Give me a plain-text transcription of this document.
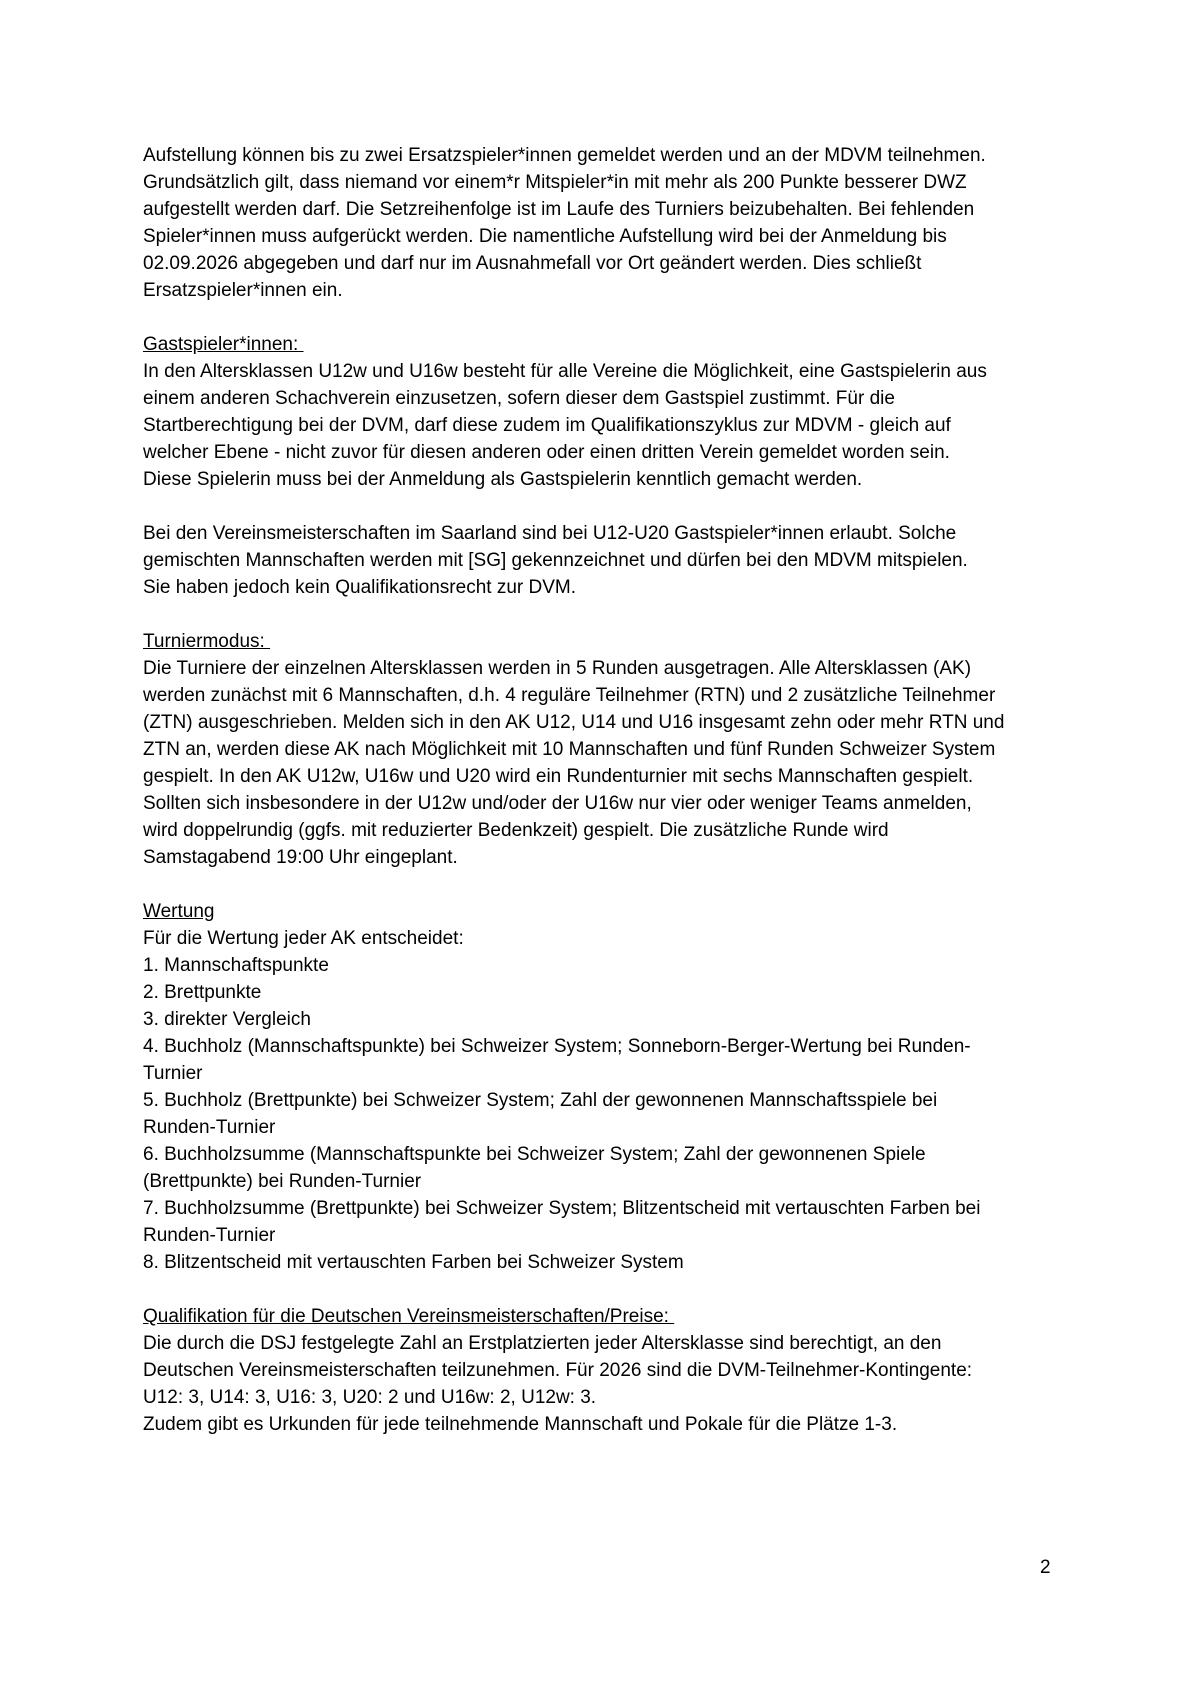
Aufstellung können bis zu zwei Ersatzspieler*innen gemeldet werden und an der MDVM teilnehmen.
Grundsätzlich gilt, dass niemand vor einem*r Mitspieler*in mit mehr als 200 Punkte besserer DWZ
aufgestellt werden darf. Die Setzreihenfolge ist im Laufe des Turniers beizubehalten. Bei fehlenden
Spieler*innen muss aufgerückt werden. Die namentliche Aufstellung wird bei der Anmeldung bis
02.09.2026 abgegeben und darf nur im Ausnahmefall vor Ort geändert werden. Dies schließt
Ersatzspieler*innen ein.
Gastspieler*innen:
In den Altersklassen U12w und U16w besteht für alle Vereine die Möglichkeit, eine Gastspielerin aus
einem anderen Schachverein einzusetzen, sofern dieser dem Gastspiel zustimmt. Für die
Startberechtigung bei der DVM, darf diese zudem im Qualifikationszyklus zur MDVM - gleich auf
welcher Ebene - nicht zuvor für diesen anderen oder einen dritten Verein gemeldet worden sein.
Diese Spielerin muss bei der Anmeldung als Gastspielerin kenntlich gemacht werden.
Bei den Vereinsmeisterschaften im Saarland sind bei U12-U20 Gastspieler*innen erlaubt. Solche
gemischten Mannschaften werden mit [SG] gekennzeichnet und dürfen bei den MDVM mitspielen.
Sie haben jedoch kein Qualifikationsrecht zur DVM.
Turniermodus:
Die Turniere der einzelnen Altersklassen werden in 5 Runden ausgetragen. Alle Altersklassen (AK)
werden zunächst mit 6 Mannschaften, d.h. 4 reguläre Teilnehmer (RTN) und 2 zusätzliche Teilnehmer
(ZTN) ausgeschrieben. Melden sich in den AK U12, U14 und U16 insgesamt zehn oder mehr RTN und
ZTN an, werden diese AK nach Möglichkeit mit 10 Mannschaften und fünf Runden Schweizer System
gespielt. In den AK U12w, U16w und U20 wird ein Rundenturnier mit sechs Mannschaften gespielt.
Sollten sich insbesondere in der U12w und/oder der U16w nur vier oder weniger Teams anmelden,
wird doppelrundig (ggfs. mit reduzierter Bedenkzeit) gespielt. Die zusätzliche Runde wird
Samstagabend 19:00 Uhr eingeplant.
Wertung
Für die Wertung jeder AK entscheidet:
1. Mannschaftspunkte
2. Brettpunkte
3. direkter Vergleich
4. Buchholz (Mannschaftspunkte) bei Schweizer System; Sonneborn-Berger-Wertung bei Runden-
Turnier
5. Buchholz (Brettpunkte) bei Schweizer System; Zahl der gewonnenen Mannschaftsspiele bei
Runden-Turnier
6. Buchholzsumme (Mannschaftspunkte bei Schweizer System; Zahl der gewonnenen Spiele
(Brettpunkte) bei Runden-Turnier
7. Buchholzsumme (Brettpunkte) bei Schweizer System; Blitzentscheid mit vertauschten Farben bei
Runden-Turnier
8. Blitzentscheid mit vertauschten Farben bei Schweizer System
Qualifikation für die Deutschen Vereinsmeisterschaften/Preise:
Die durch die DSJ festgelegte Zahl an Erstplatzierten jeder Altersklasse sind berechtigt, an den
Deutschen Vereinsmeisterschaften teilzunehmen. Für 2026 sind die DVM-Teilnehmer-Kontingente:
U12: 3, U14: 3, U16: 3, U20: 2 und U16w: 2, U12w: 3.
Zudem gibt es Urkunden für jede teilnehmende Mannschaft und Pokale für die Plätze 1-3.
2
